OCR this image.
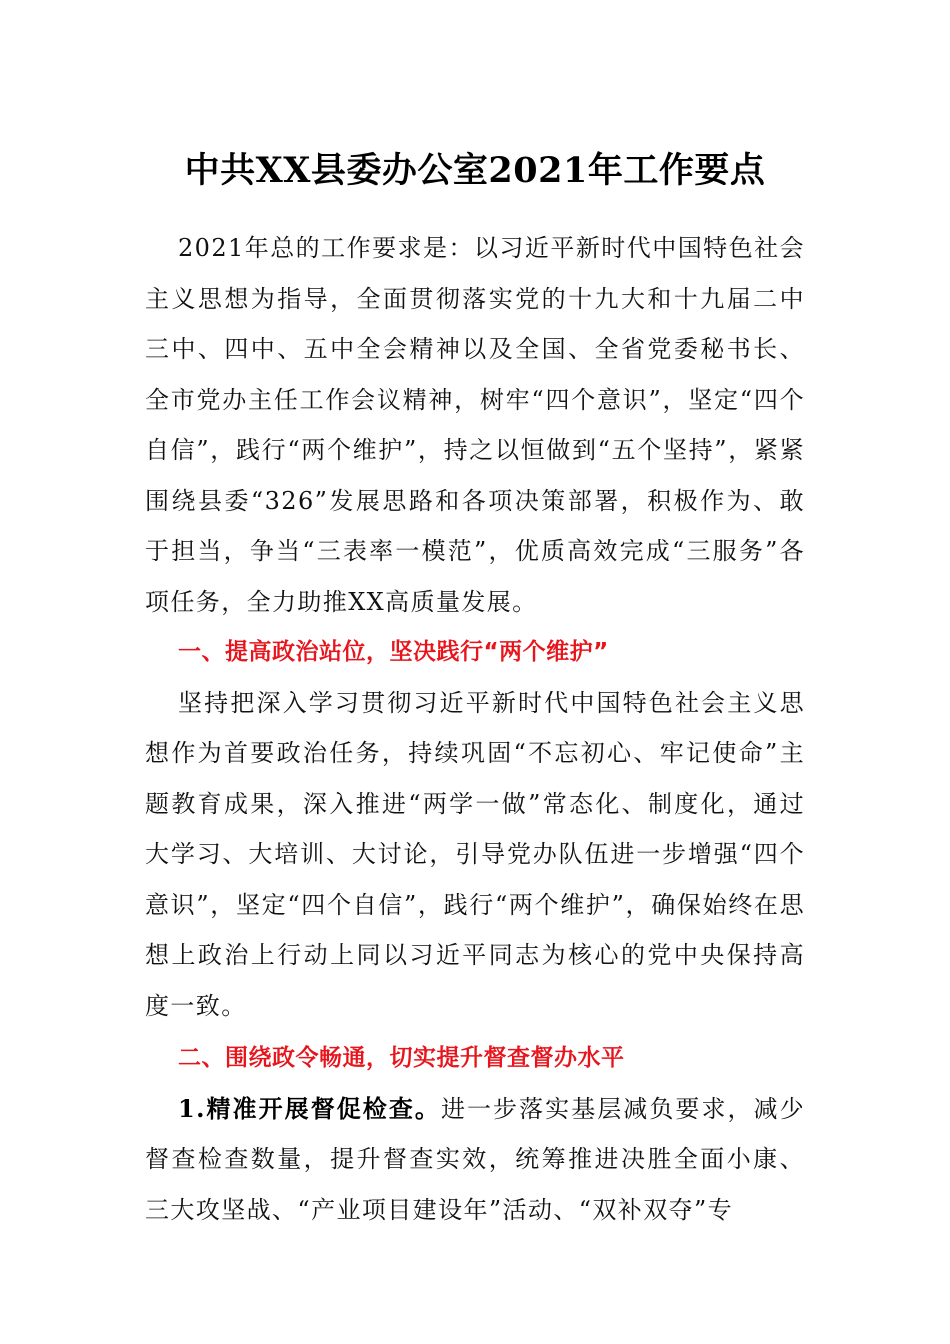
中共XX县委办公室2021年工作要点

2021年总的工作要求是：以习近平新时代中国特色社会主义思想为指导，全面贯彻落实党的十九大和十九届二中三中、四中、五中全会精神以及全国、全省党委秘书长、全市党办主任工作会议精神，树牢“四个意识”，坚定“四个自信”，践行“两个维护”，持之以恒做到“五个坚持”，紧紧围绕县委“326”发展思路和各项决策部署，积极作为、敢于担当，争当“三表率一模范”，优质高效完成“三服务”各项任务，全力助推XX高质量发展。

一、提高政治站位，坚决践行“两个维护”

坚持把深入学习贯彻习近平新时代中国特色社会主义思想作为首要政治任务，持续巩固“不忘初心、牢记使命”主题教育成果，深入推进“两学一做”常态化、制度化，通过大学习、大培训、大讨论，引导党办队伍进一步增强“四个意识”，坚定“四个自信”，践行“两个维护”，确保始终在思想上政治上行动上同以习近平同志为核心的党中央保持高度一致。

二、围绕政令畅通，切实提升督查督办水平

1.精准开展督促检查。进一步落实基层减负要求，减少督查检查数量，提升督查实效，统筹推进决胜全面小康、三大攻坚战、“产业项目建设年”活动、“双补双夺”专
